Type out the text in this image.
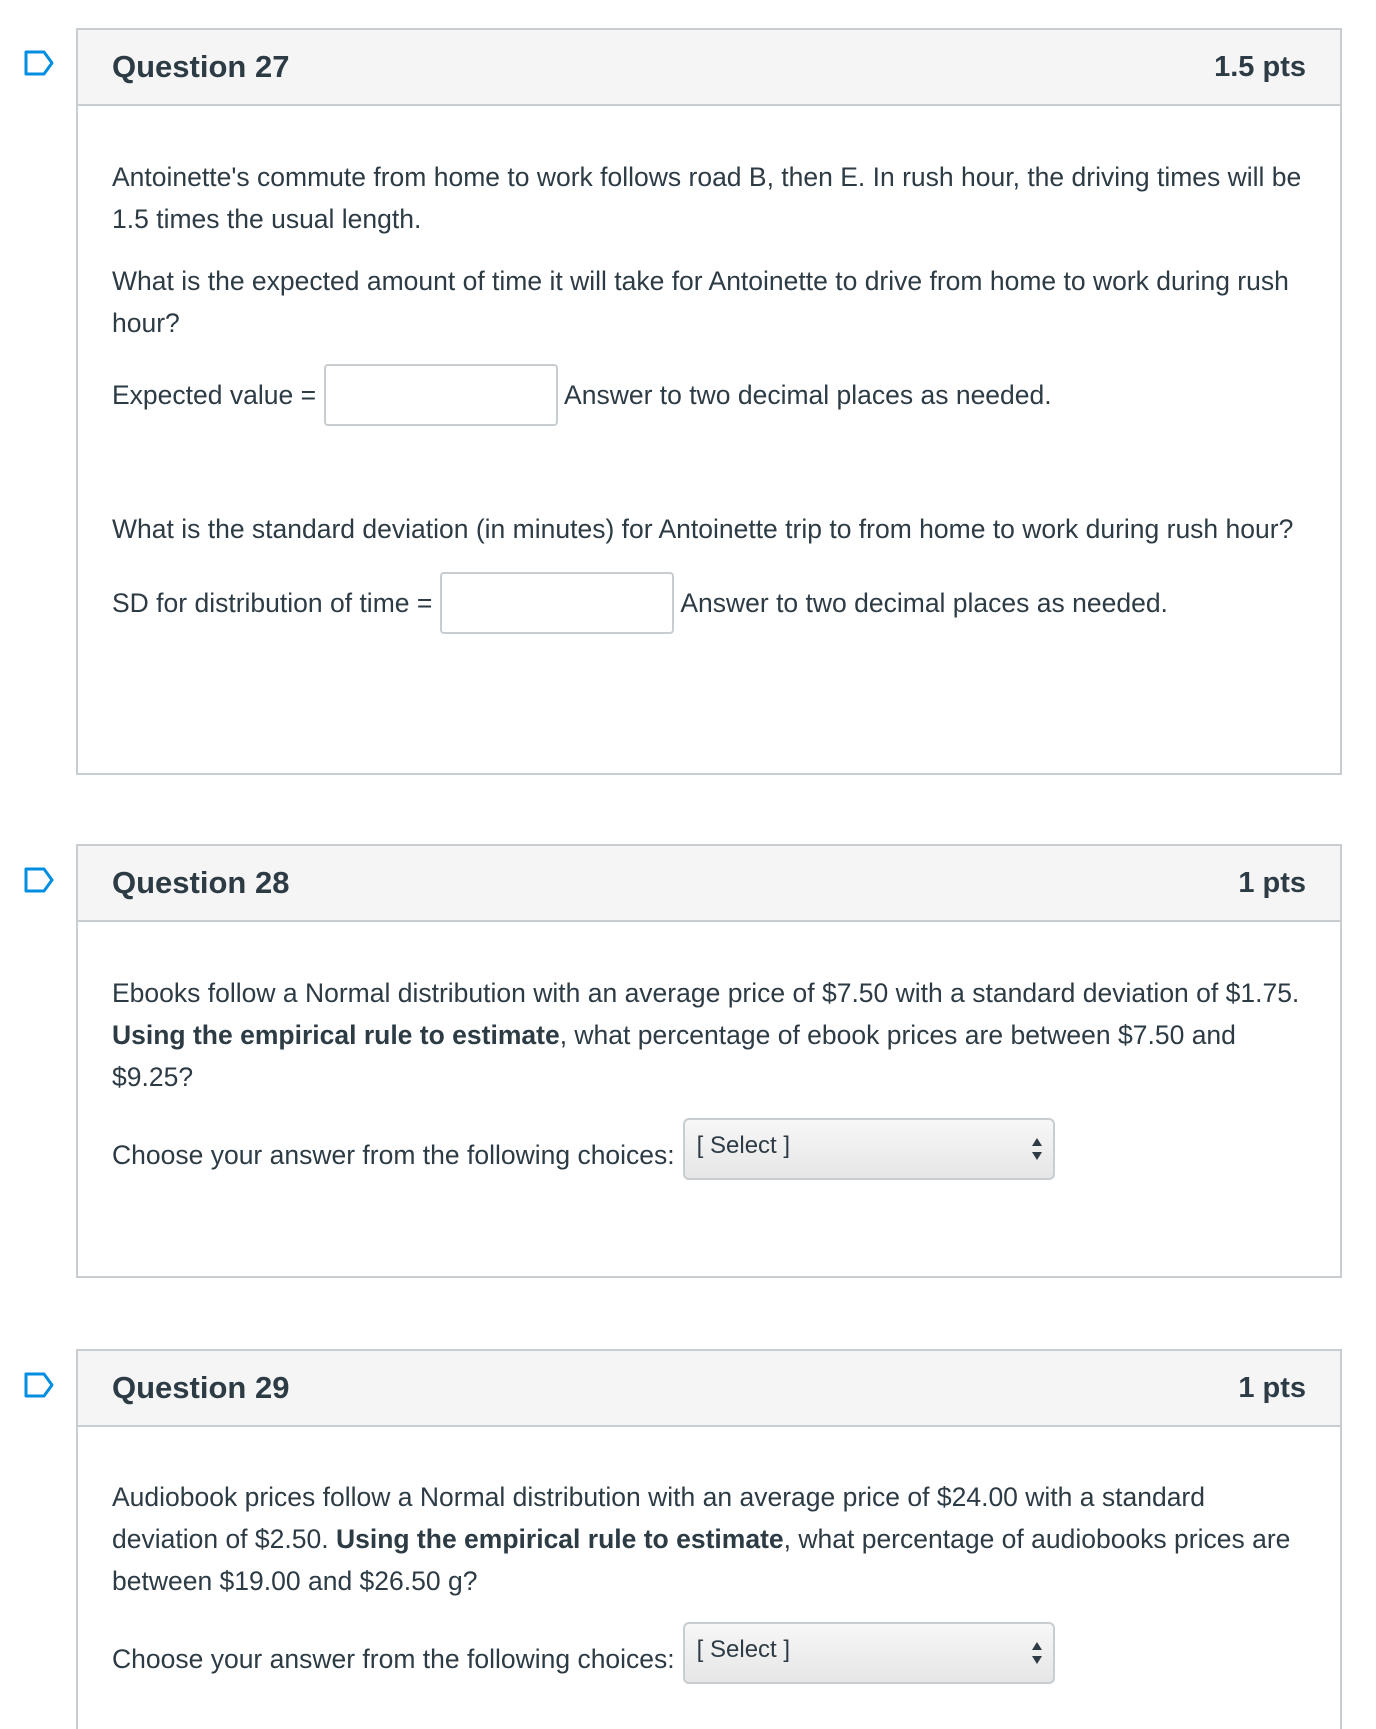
Question 27	1.5 pts

Antoinette's commute from home to work follows road B, then E. In rush hour, the driving times will be 1.5 times the usual length.

What is the expected amount of time it will take for Antoinette to drive from home to work during rush hour?

Expected value =	Answer to two decimal places as needed.

What is the standard deviation (in minutes) for Antoinette trip to from home to work during rush hour?

SD for distribution of time =	Answer to two decimal places as needed.
Question 28	1 pts

Ebooks follow a Normal distribution with an average price of $7.50 with a standard deviation of $1.75. Using the empirical rule to estimate, what percentage of ebook prices are between $7.50 and $9.25?

Choose your answer from the following choices: [ Select ]
Question 29	1 pts

Audiobook prices follow a Normal distribution with an average price of $24.00 with a standard deviation of $2.50. Using the empirical rule to estimate, what percentage of audiobooks prices are between $19.00 and $26.50 g?

Choose your answer from the following choices: [ Select ]
